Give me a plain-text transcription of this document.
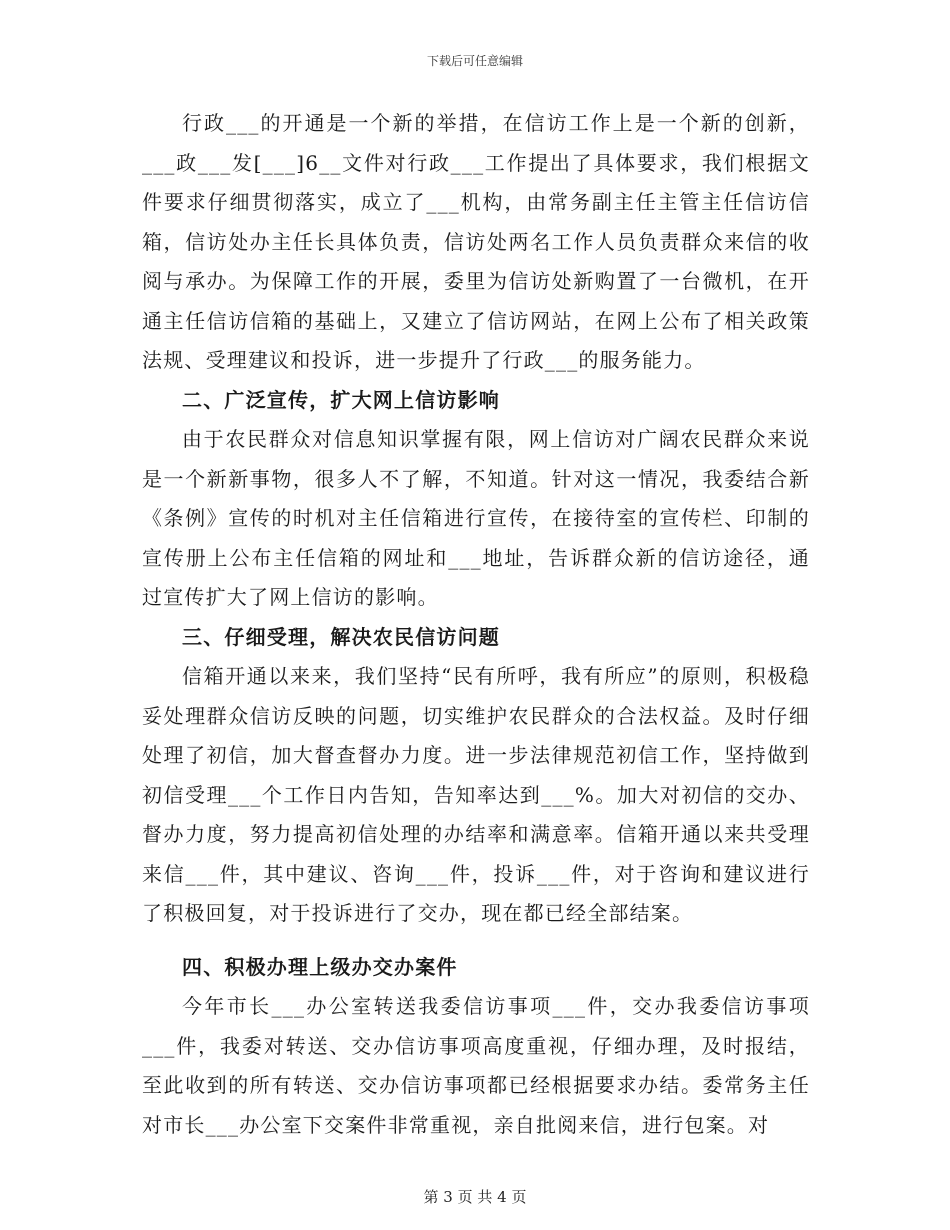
下载后可任意编辑

行政___的开通是一个新的举措，在信访工作上是一个新的创新，___政___发[___]6__文件对行政___工作提出了具体要求，我们根据文件要求仔细贯彻落实，成立了___机构，由常务副主任主管主任信访信箱，信访处办主任长具体负责，信访处两名工作人员负责群众来信的收阅与承办。为保障工作的开展，委里为信访处新购置了一台微机，在开通主任信访信箱的基础上，又建立了信访网站，在网上公布了相关政策法规、受理建议和投诉，进一步提升了行政___的服务能力。

二、广泛宣传，扩大网上信访影响

由于农民群众对信息知识掌握有限，网上信访对广阔农民群众来说是一个新新事物，很多人不了解，不知道。针对这一情况，我委结合新《条例》宣传的时机对主任信箱进行宣传，在接待室的宣传栏、印制的宣传册上公布主任信箱的网址和___地址，告诉群众新的信访途径，通过宣传扩大了网上信访的影响。

三、仔细受理，解决农民信访问题

信箱开通以来来，我们坚持“民有所呼，我有所应”的原则，积极稳妥处理群众信访反映的问题，切实维护农民群众的合法权益。及时仔细处理了初信，加大督查督办力度。进一步法律规范初信工作，坚持做到初信受理___个工作日内告知，告知率达到___%。加大对初信的交办、督办力度，努力提高初信处理的办结率和满意率。信箱开通以来共受理来信___件，其中建议、咨询___件，投诉___件，对于咨询和建议进行了积极回复，对于投诉进行了交办，现在都已经全部结案。

四、积极办理上级办交办案件

今年市长___办公室转送我委信访事项___件，交办我委信访事项___件，我委对转送、交办信访事项高度重视，仔细办理，及时报结，至此收到的所有转送、交办信访事项都已经根据要求办结。委常务主任对市长___办公室下交案件非常重视，亲自批阅来信，进行包案。对

第 3 页 共 4 页
